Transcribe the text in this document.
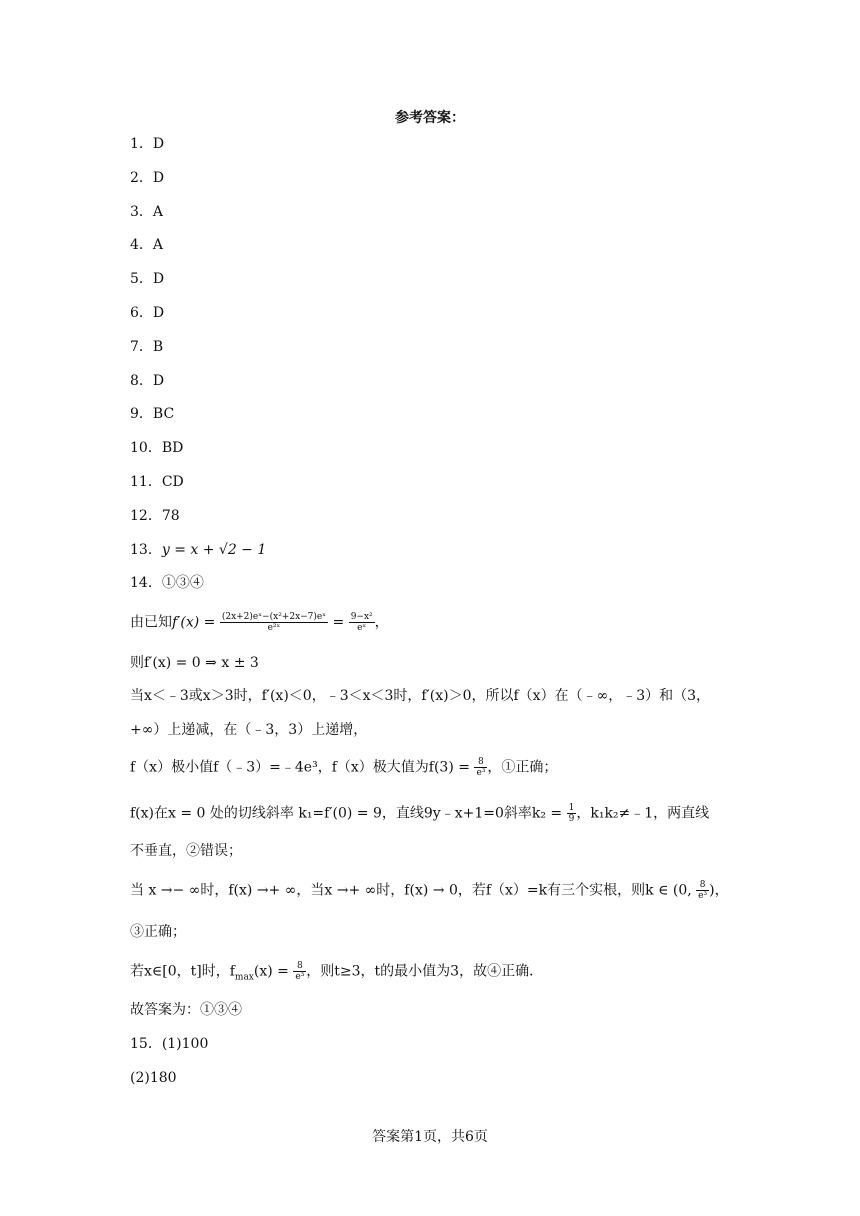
参考答案：
1．D
2．D
3．A
4．A
5．D
6．D
7．B
8．D
9．BC
10．BD
11．CD
12．78
13．y = x + √2 − 1
14．①③④
由已知$f'(x) = \frac{\text{(2x+2)eˣ−(x²+2x−7)eˣ}}{\text{e²ˣ}} = \frac{\text{9−x²}}{\text{eˣ}}$ ，
则f′(x) = 0 ⇒ x ± 3
当x＜﹣3或x＞3时，f′(x)＜0，﹣3＜x＜3时，f′(x)＞0，所以f（x）在（﹣∞，﹣3）和（3，
+∞）上递减，在（﹣3，3）上递增，
f（x）极小值f（﹣3）=﹣4e³，f（x）极大值为$f(3) = \frac{8}{\text{e³}}$ ，①正确；
f(x)在x = 0 处的切线斜率 k₁=f′(0) = 9，直线9y﹣x+1=0斜率$k_2 = \frac{1}{9}$ ，k₁k₂≠﹣1，两直线
不垂直，②错误；
当 x →− ∞时，f(x) →+ ∞，当x →+ ∞时，f(x) → 0，若f（x）=k有三个实根，则k ∈ (0, $\frac{8}{\text{e³}}$ )，
③正确；
若x∈[0，t]时，$f_{max}(x) = \frac{8}{\text{e³}}$ ，则t≥3，t的最小值为3，故④正确．
故答案为：①③④
15．(1)100
(2)180
答案第1页，共6页
